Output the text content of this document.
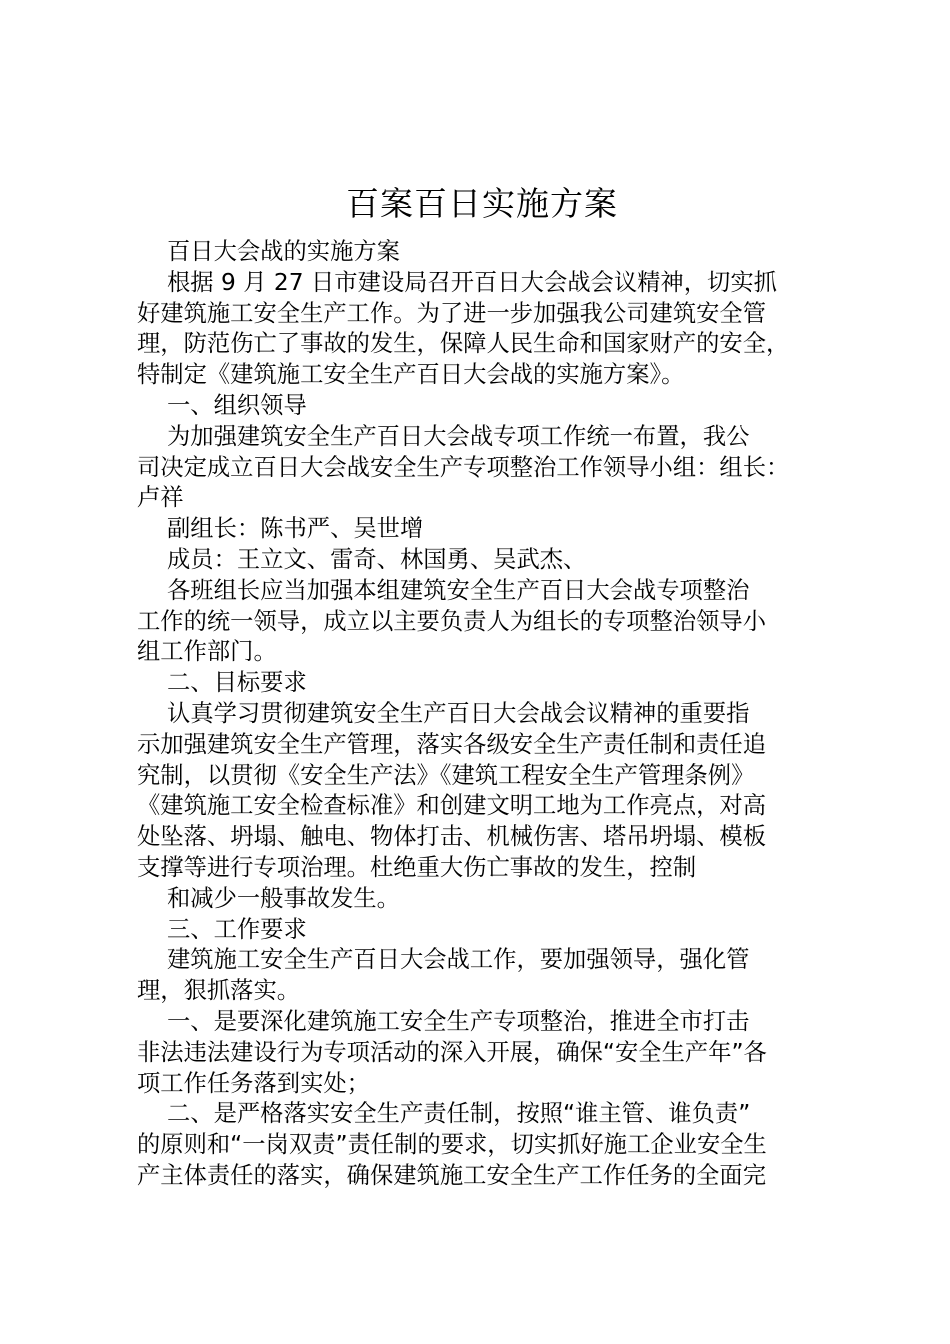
百案百日实施方案
百日大会战的实施方案
根据 9 月 27 日市建设局召开百日大会战会议精神，切实抓
好建筑施工安全生产工作。为了进一步加强我公司建筑安全管
理，防范伤亡了事故的发生，保障人民生命和国家财产的安全，
特制定《建筑施工安全生产百日大会战的实施方案》。
一、组织领导
为加强建筑安全生产百日大会战专项工作统一布置，我公
司决定成立百日大会战安全生产专项整治工作领导小组：组长：
卢祥
副组长：陈书严、吴世增
成员：王立文、雷奇、林国勇、吴武杰、
各班组长应当加强本组建筑安全生产百日大会战专项整治
工作的统一领导，成立以主要负责人为组长的专项整治领导小
组工作部门。
二、目标要求
认真学习贯彻建筑安全生产百日大会战会议精神的重要指
示加强建筑安全生产管理，落实各级安全生产责任制和责任追
究制，以贯彻《安全生产法》《建筑工程安全生产管理条例》
《建筑施工安全检查标准》和创建文明工地为工作亮点，对高
处坠落、坍塌、触电、物体打击、机械伤害、塔吊坍塌、模板
支撑等进行专项治理。杜绝重大伤亡事故的发生，控制
和减少一般事故发生。
三、工作要求
建筑施工安全生产百日大会战工作，要加强领导，强化管
理，狠抓落实。
一、是要深化建筑施工安全生产专项整治，推进全市打击
非法违法建设行为专项活动的深入开展，确保“安全生产年”各
项工作任务落到实处；
二、是严格落实安全生产责任制，按照“谁主管、谁负责”
的原则和“一岗双责”责任制的要求，切实抓好施工企业安全生
产主体责任的落实，确保建筑施工安全生产工作任务的全面完
